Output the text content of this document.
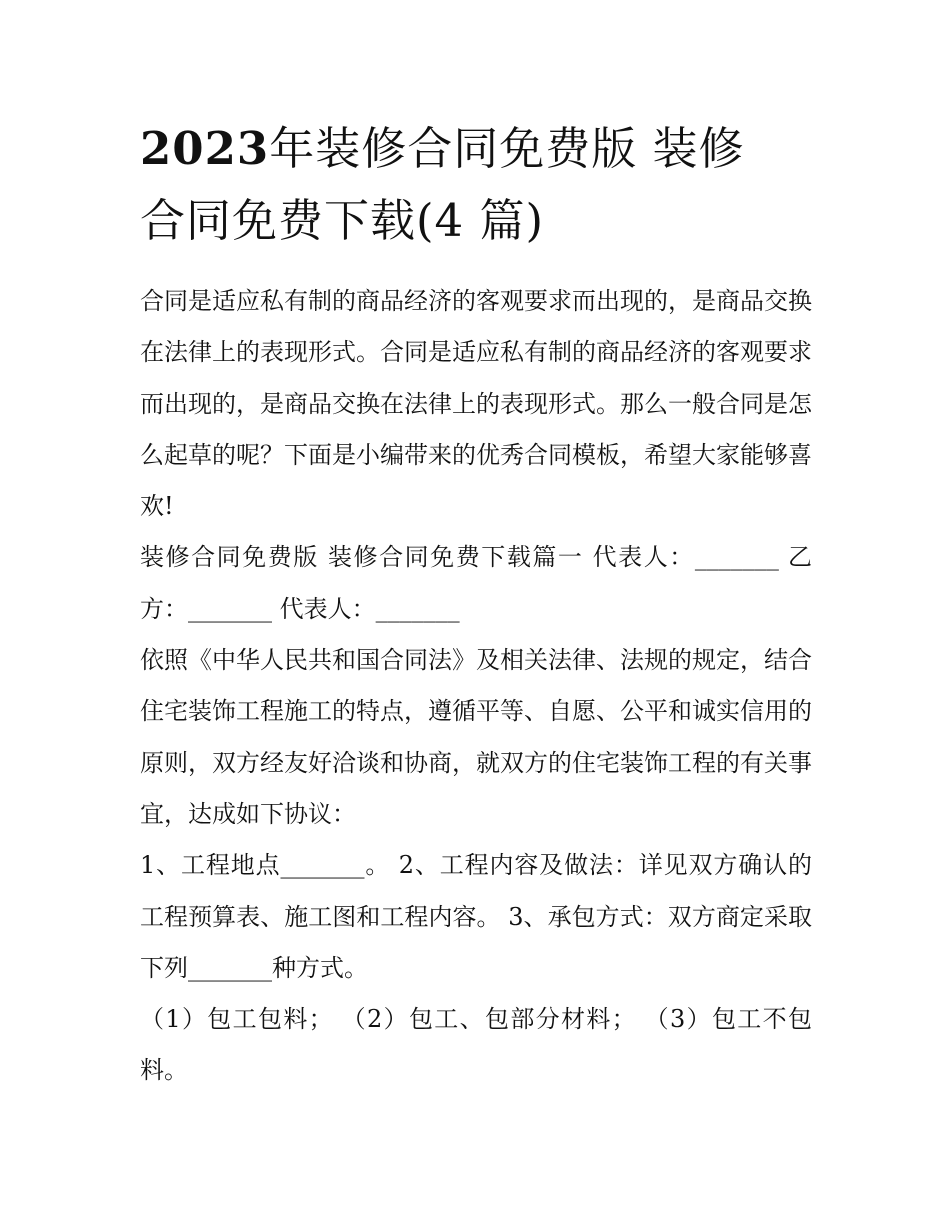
2023年装修合同免费版 装修
合同免费下载(4 篇)

合同是适应私有制的商品经济的客观要求而出现的，是商品交换在法律上的表现形式。合同是适应私有制的商品经济的客观要求而出现的，是商品交换在法律上的表现形式。那么一般合同是怎么起草的呢？下面是小编带来的优秀合同模板，希望大家能够喜欢!

装修合同免费版 装修合同免费下载篇一 代表人：_______ 乙方：_______ 代表人：_______

依照《中华人民共和国合同法》及相关法律、法规的规定，结合住宅装饰工程施工的特点，遵循平等、自愿、公平和诚实信用的原则，双方经友好洽谈和协商，就双方的住宅装饰工程的有关事宜，达成如下协议：

1、工程地点_______。 2、工程内容及做法：详见双方确认的工程预算表、施工图和工程内容。 3、承包方式：双方商定采取下列_______种方式。

（1）包工包料； （2）包工、包部分材料； （3）包工不包料。
